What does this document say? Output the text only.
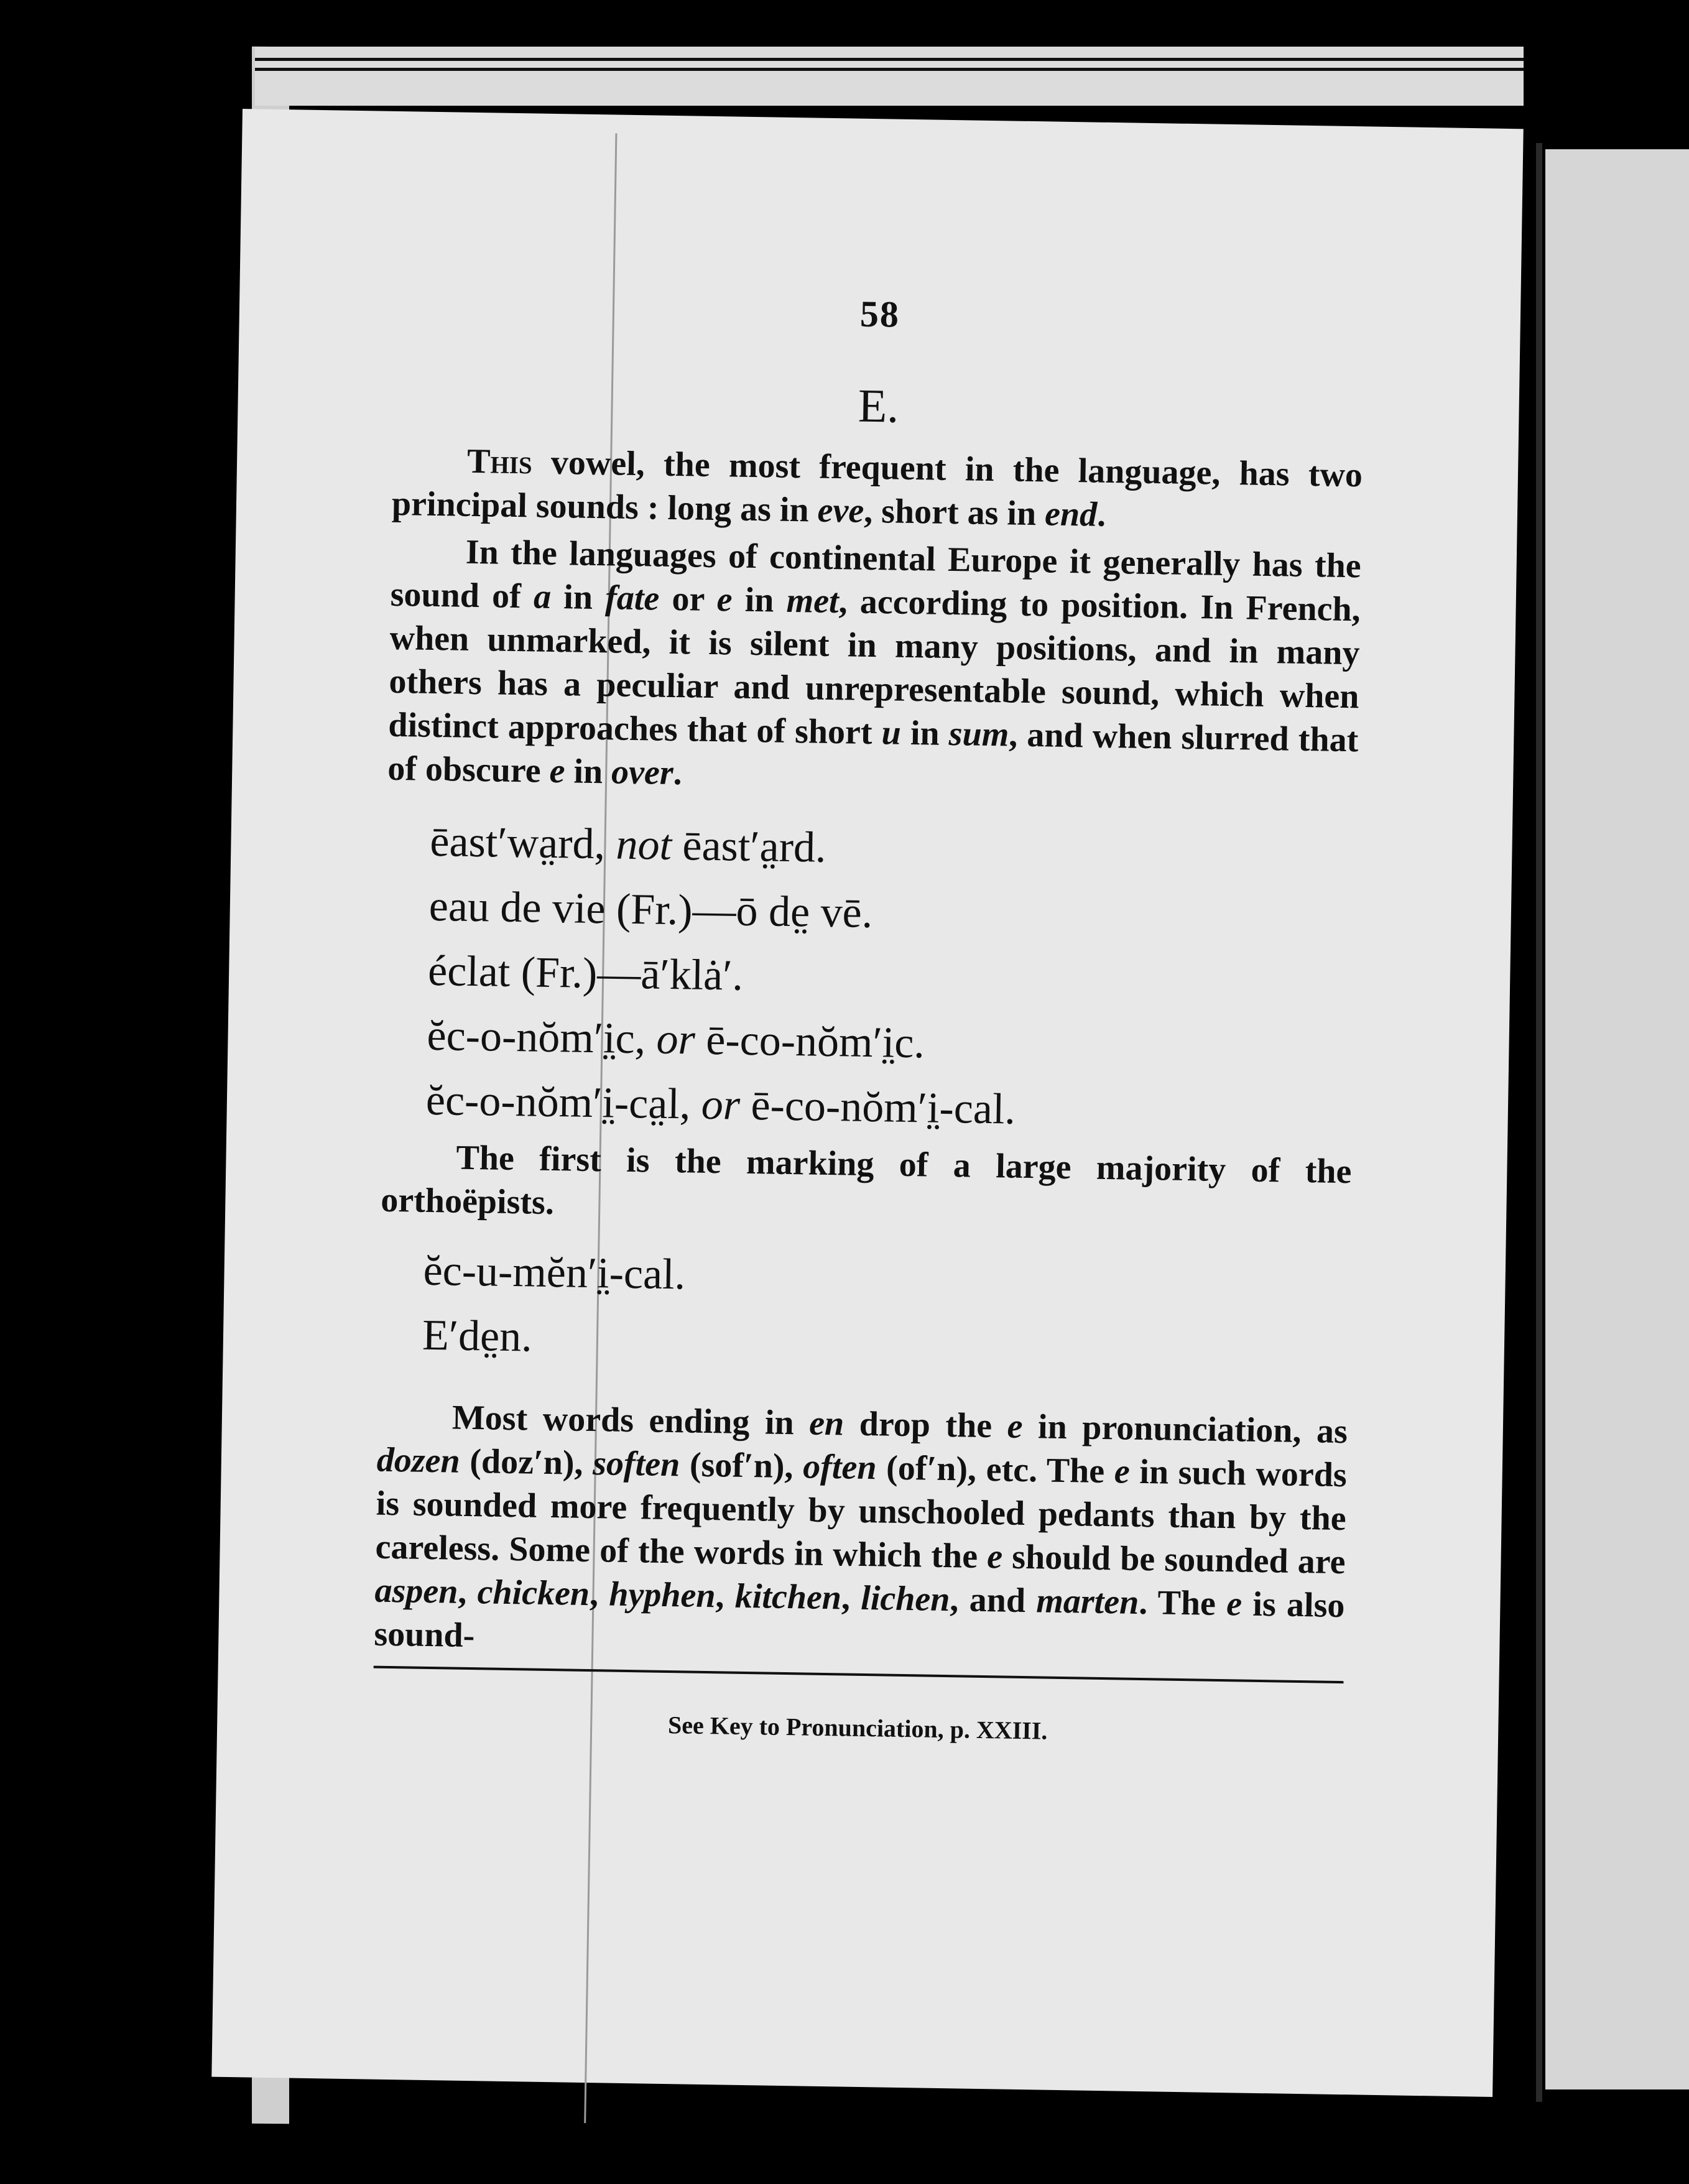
58
E.

This vowel, the most frequent in the language, has two principal sounds : long as in eve, short as in end.

In the languages of continental Europe it generally has the sound of a in fate or e in met, according to position. In French, when unmarked, it is silent in many positions, and in many others has a peculiar and unrepresentable sound, which when distinct approaches that of short u in sum, and when slurred that of obscure e in over.

ēast′wa̤rd, not ēast′a̤rd.

eau de vie (Fr.)—ō de̤ vē.

éclat (Fr.)—ā′klȧ′.

ĕc-o-nŏm′i̤c, or ē-co-nŏm′i̤c.

ĕc-o-nŏm′i̤-ca̤l, or ē-co-nŏm′i̤-cal.

The first is the marking of a large majority of the orthoëpists.

ĕc-u-mĕn′i̤-cal.

E′de̤n.

Most words ending in en drop the e in pronunciation, as dozen (doz′n), soften (sof′n), often (of′n), etc. The e in such words is sounded more frequently by unschooled pedants than by the careless. Some of the words in which the e should be sounded are aspen, chicken, hyphen, kitchen, lichen, and marten. The e is also sound-

See Key to Pronunciation, p. XXIII.
